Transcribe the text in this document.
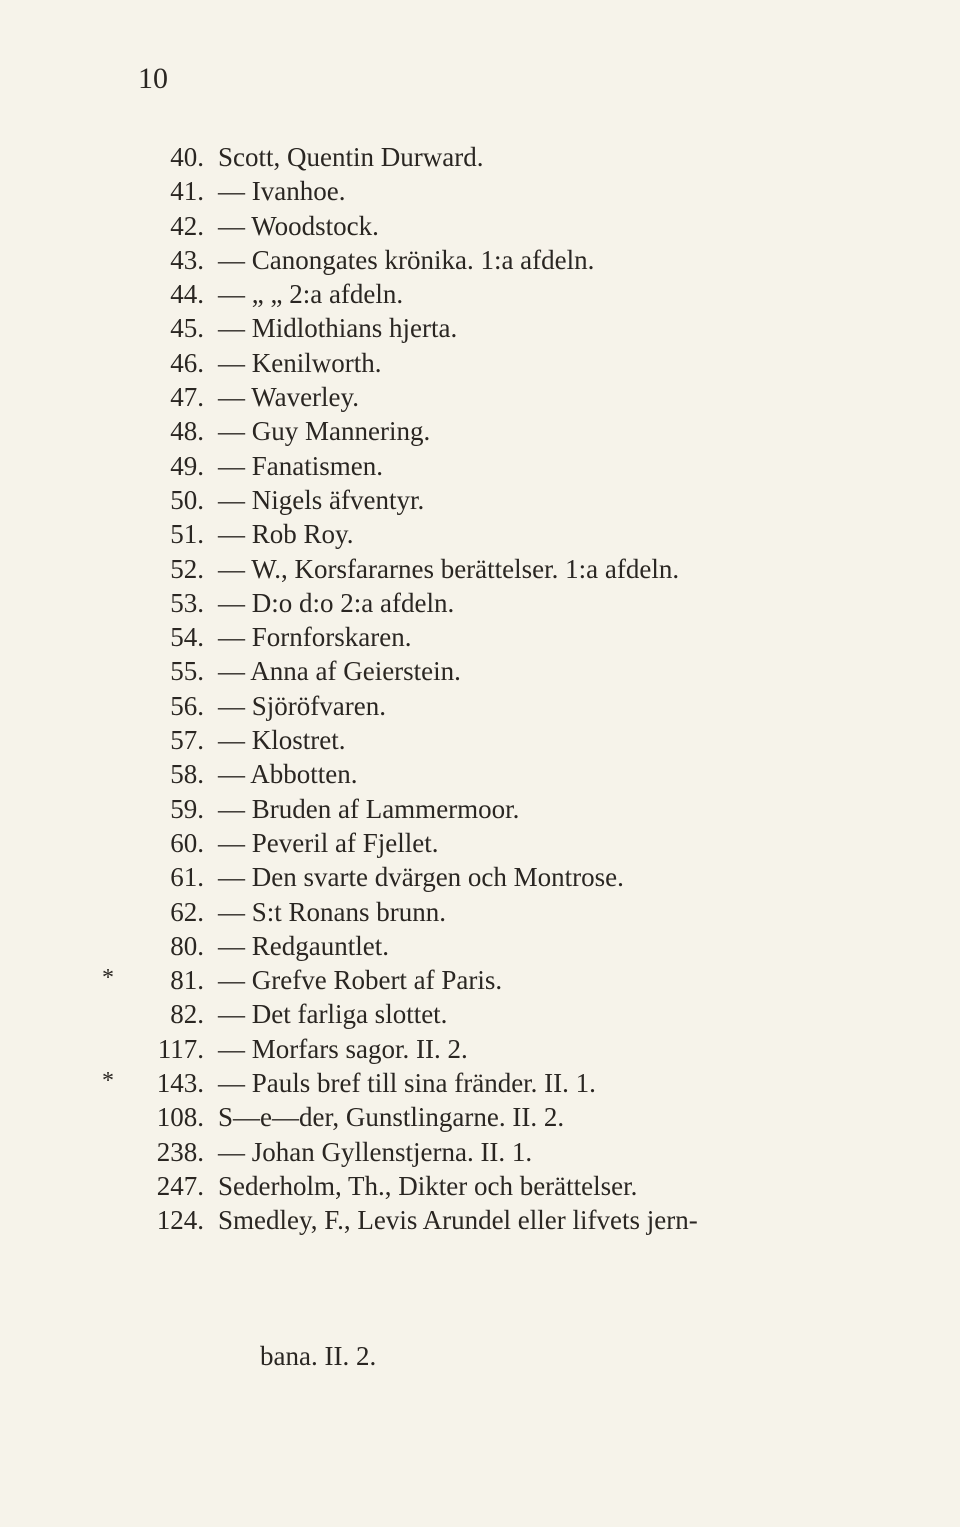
10
40. Scott, Quentin Durward.
41. — Ivanhoe.
42. — Woodstock.
43. — Canongates krönika. 1:a afdeln.
44. — „ „ 2:a afdeln.
45. — Midlothians hjerta.
46. — Kenilworth.
47. — Waverley.
48. — Guy Mannering.
49. — Fanatismen.
50. — Nigels äfventyr.
51. — Rob Roy.
52. — W., Korsfararnes berättelser. 1:a afdeln.
53. — D:o d:o 2:a afdeln.
54. — Fornforskaren.
55. — Anna af Geierstein.
56. — Sjöröfvaren.
57. — Klostret.
58. — Abbotten.
59. — Bruden af Lammermoor.
60. — Peveril af Fjellet.
61. — Den svarte dvärgen och Montrose.
62. — S:t Ronans brunn.
80. — Redgauntlet.
*	81. — Grefve Robert af Paris.
82. — Det farliga slottet.
117. — Morfars sagor. II. 2.
*	143. — Pauls bref till sina fränder. II. 1.
108. S—e—der, Gunstlingarne. II. 2.
238. — Johan Gyllenstjerna. II. 1.
247. Sederholm, Th., Dikter och berättelser.
124. Smedley, F., Levis Arundel eller lifvets jern-
bana. II. 2.
